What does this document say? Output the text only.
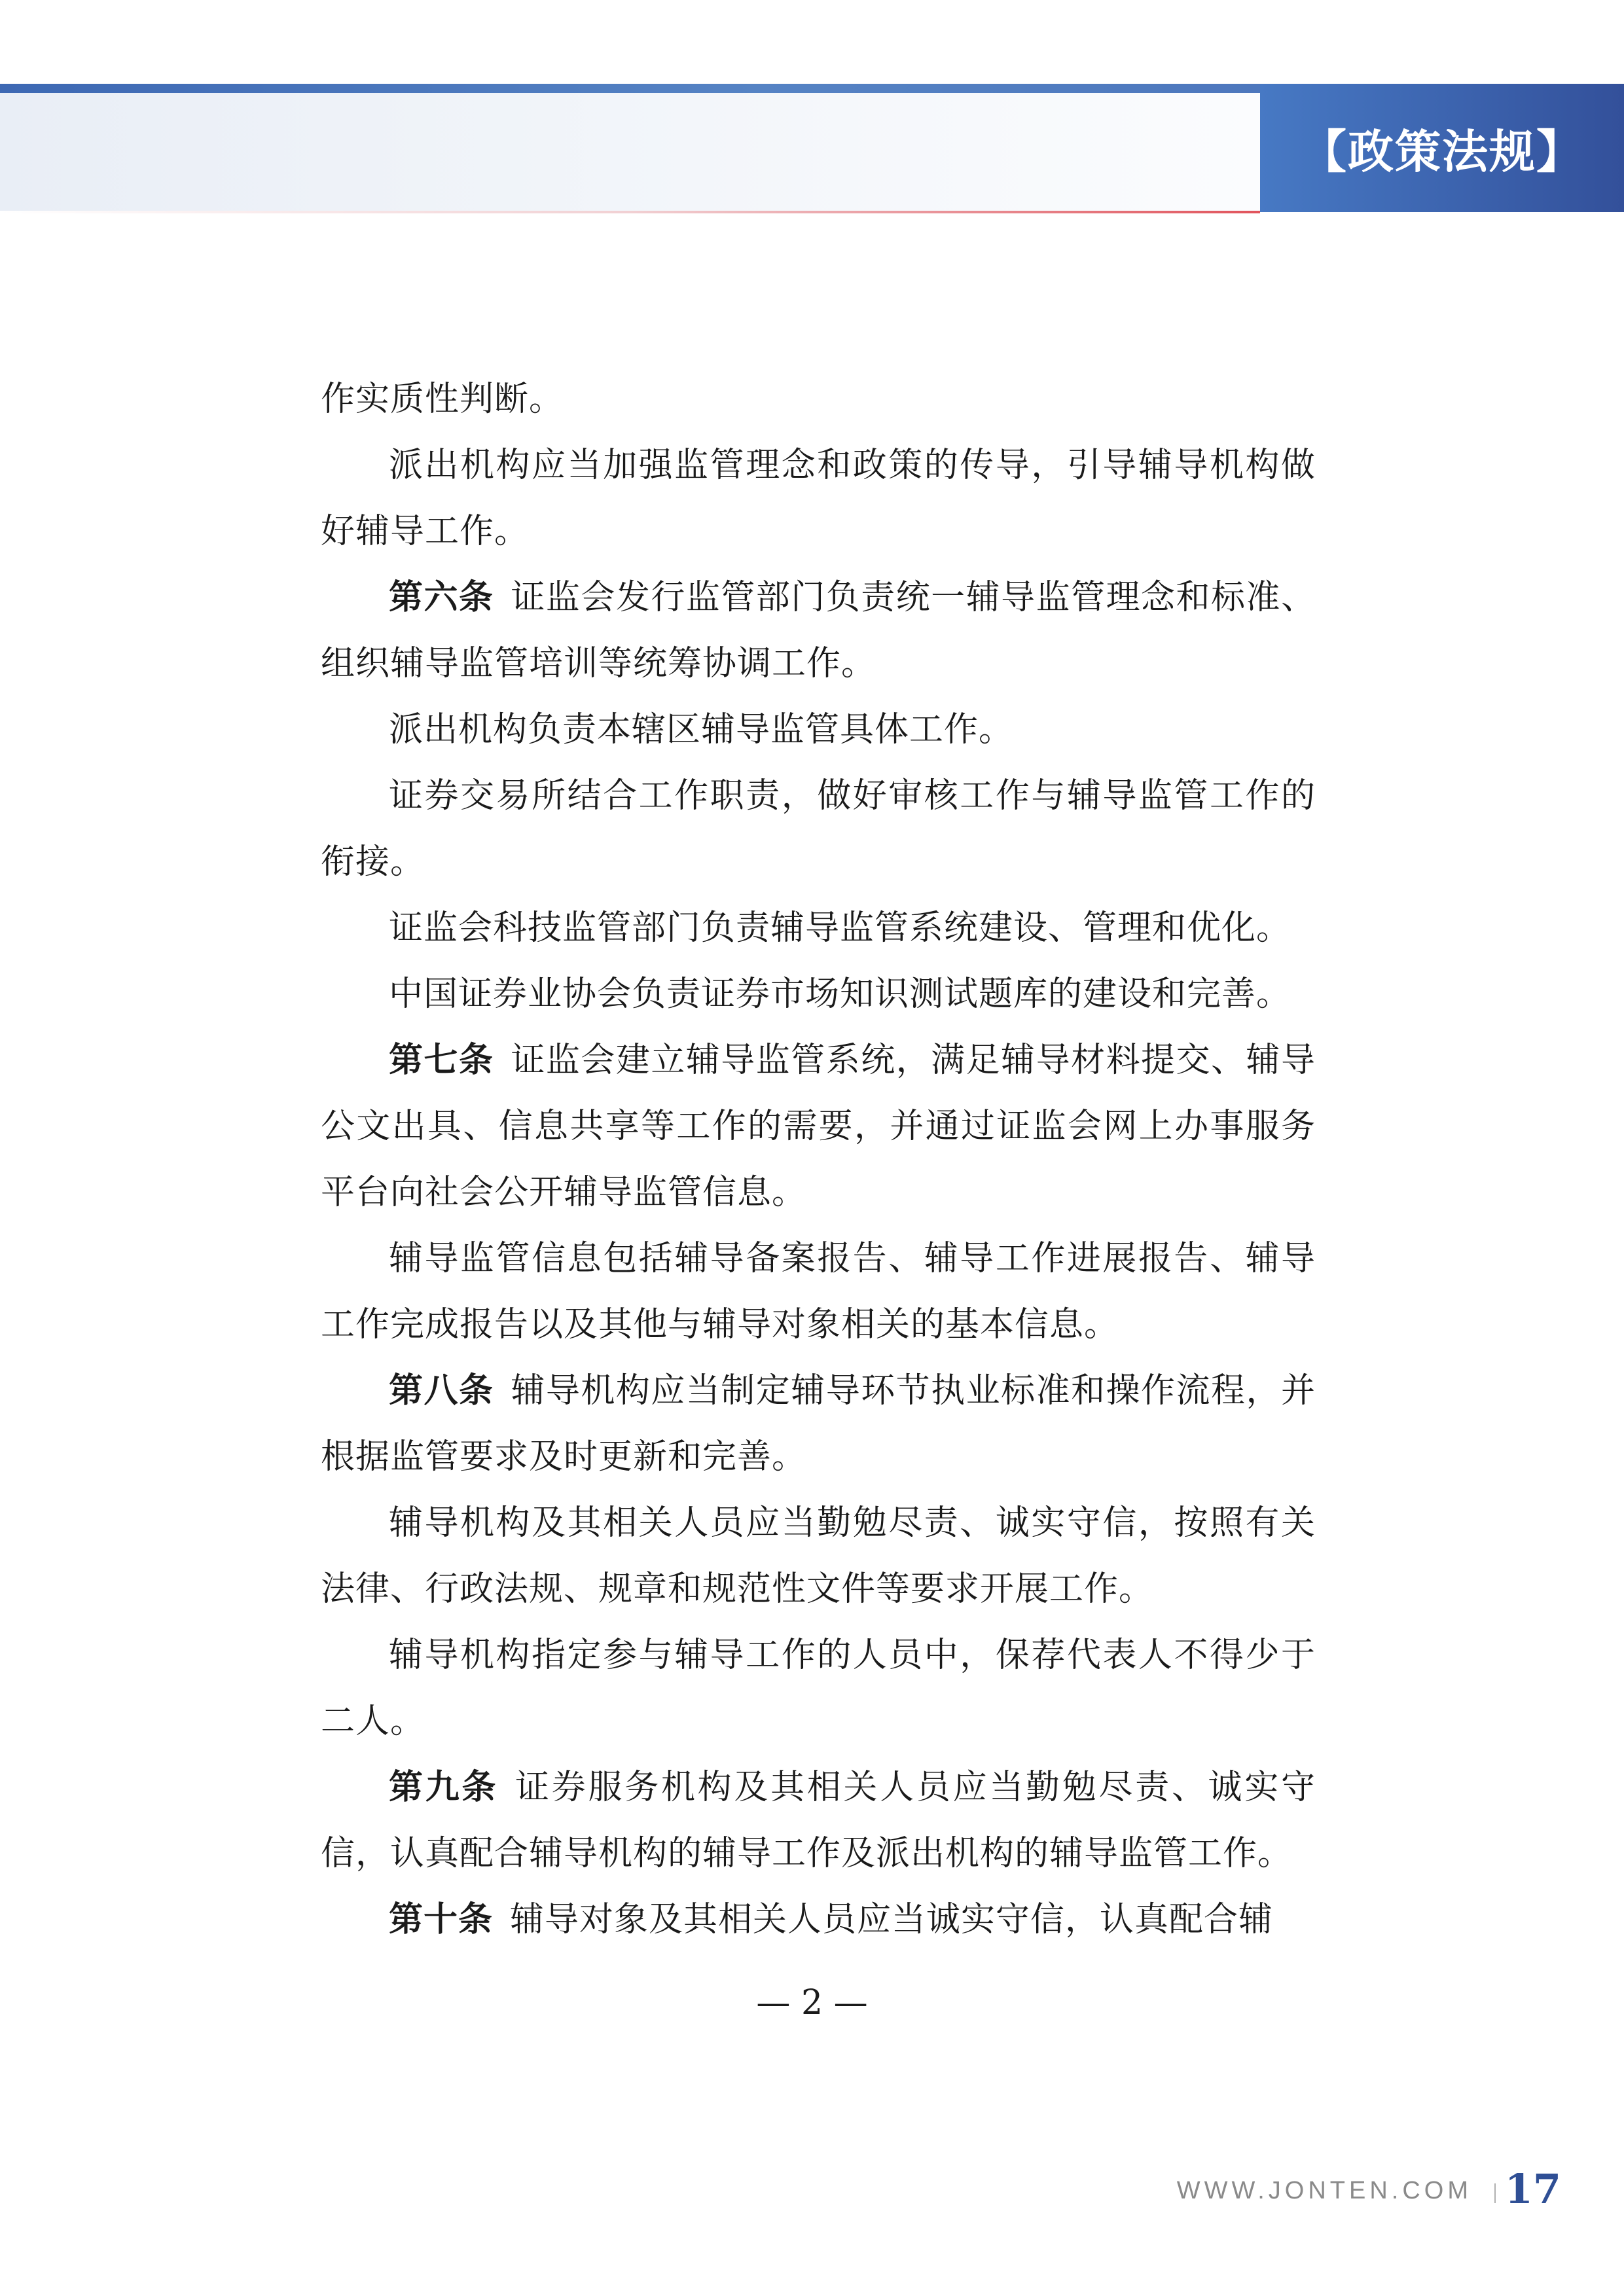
【政策法规】

作实质性判断。

派出机构应当加强监管理念和政策的传导，引导辅导机构做好辅导工作。

第六条 证监会发行监管部门负责统一辅导监管理念和标准、组织辅导监管培训等统筹协调工作。

派出机构负责本辖区辅导监管具体工作。

证券交易所结合工作职责，做好审核工作与辅导监管工作的衔接。

证监会科技监管部门负责辅导监管系统建设、管理和优化。

中国证券业协会负责证券市场知识测试题库的建设和完善。

第七条 证监会建立辅导监管系统，满足辅导材料提交、辅导公文出具、信息共享等工作的需要，并通过证监会网上办事服务平台向社会公开辅导监管信息。

辅导监管信息包括辅导备案报告、辅导工作进展报告、辅导工作完成报告以及其他与辅导对象相关的基本信息。

第八条 辅导机构应当制定辅导环节执业标准和操作流程，并根据监管要求及时更新和完善。

辅导机构及其相关人员应当勤勉尽责、诚实守信，按照有关法律、行政法规、规章和规范性文件等要求开展工作。

辅导机构指定参与辅导工作的人员中，保荐代表人不得少于二人。

第九条 证券服务机构及其相关人员应当勤勉尽责、诚实守信，认真配合辅导机构的辅导工作及派出机构的辅导监管工作。

第十条 辅导对象及其相关人员应当诚实守信，认真配合辅

— 2 —
WWW.JONTEN.COM 17
